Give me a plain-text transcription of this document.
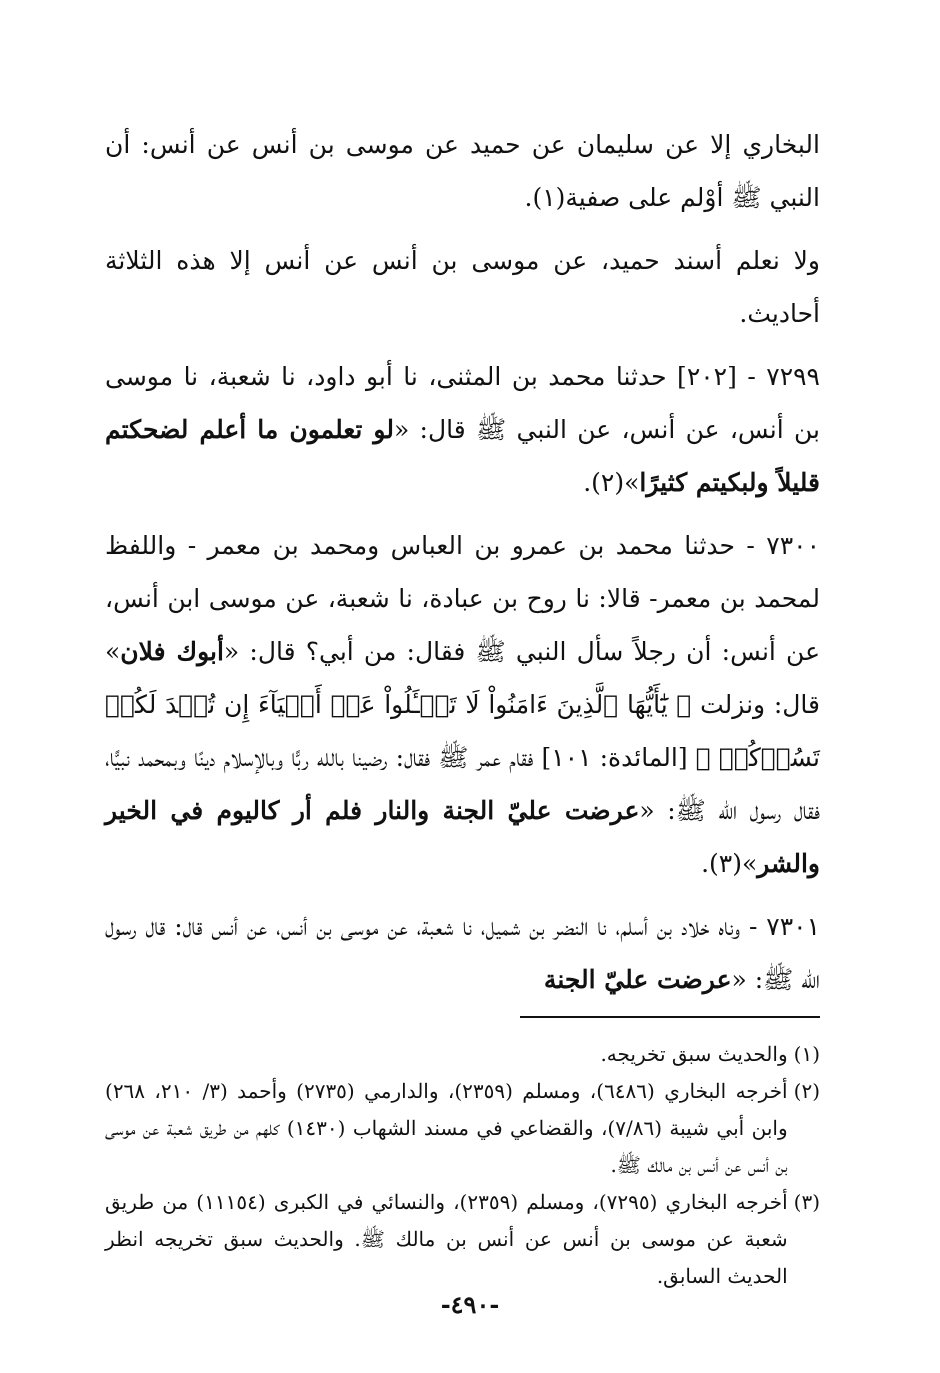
البخاري إلا عن سليمان عن حميد عن موسى بن أنس عن أنس: أن النبي ﷺ أوْلم على صفية(١).

ولا نعلم أسند حميد، عن موسى بن أنس عن أنس إلا هذه الثلاثة أحاديث.

٧٢٩٩ - [٢٠٢] حدثنا محمد بن المثنى، نا أبو داود، نا شعبة، نا موسى بن أنس، عن أنس، عن النبي ﷺ قال: «لو تعلمون ما أعلم لضحكتم قليلاً ولبكيتم كثيرًا»(٢).

٧٣٠٠ - حدثنا محمد بن عمرو بن العباس ومحمد بن معمر - واللفظ لمحمد بن معمر- قالا: نا روح بن عبادة، نا شعبة، عن موسى ابن أنس، عن أنس: أن رجلاً سأل النبي ﷺ فقال: من أبي؟ قال: «أبوك فلان» قال: ونزلت ﴿ يَٰٓأَيُّهَا ٱلَّذِينَ ءَامَنُواْ لَا تَسۡـَٔلُواْ عَنۡ أَشۡيَآءَ إِن تُبۡدَ لَكُمۡ تَسُؤۡكُمۡ ﴾ [المائدة: ١٠١] فقام عمر ﷺ فقال: رضينا بالله ربًّا وبالإسلام دينًا وبمحمد نبيًّا، فقال رسول الله ﷺ: «عرضت عليّ الجنة والنار فلم أر كاليوم في الخير والشر»(٣).

٧٣٠١ - وناه خلاد بن أسلم، نا النضر بن شميل، نا شعبة، عن موسى بن أنس، عن أنس قال: قال رسول الله ﷺ: «عرضت عليّ الجنة

(١)
والحديث سبق تخريجه.
(٢)
أخرجه البخاري (٦٤٨٦)، ومسلم (٢٣٥٩)، والدارمي (٢٧٣٥) وأحمد (٣/ ٢١٠، ٢٦٨) وابن أبي شيبة (٧/٨٦)، والقضاعي في مسند الشهاب (١٤٣٠) كلهم من طريق شعبة عن موسى بن أنس عن أنس بن مالك ﷺ.
(٣)
أخرجه البخاري (٧٢٩٥)، ومسلم (٢٣٥٩)، والنسائي في الكبرى (١١١٥٤) من طريق شعبة عن موسى بن أنس عن أنس بن مالك ﷺ. والحديث سبق تخريجه انظر الحديث السابق.
-٤٩٠-
